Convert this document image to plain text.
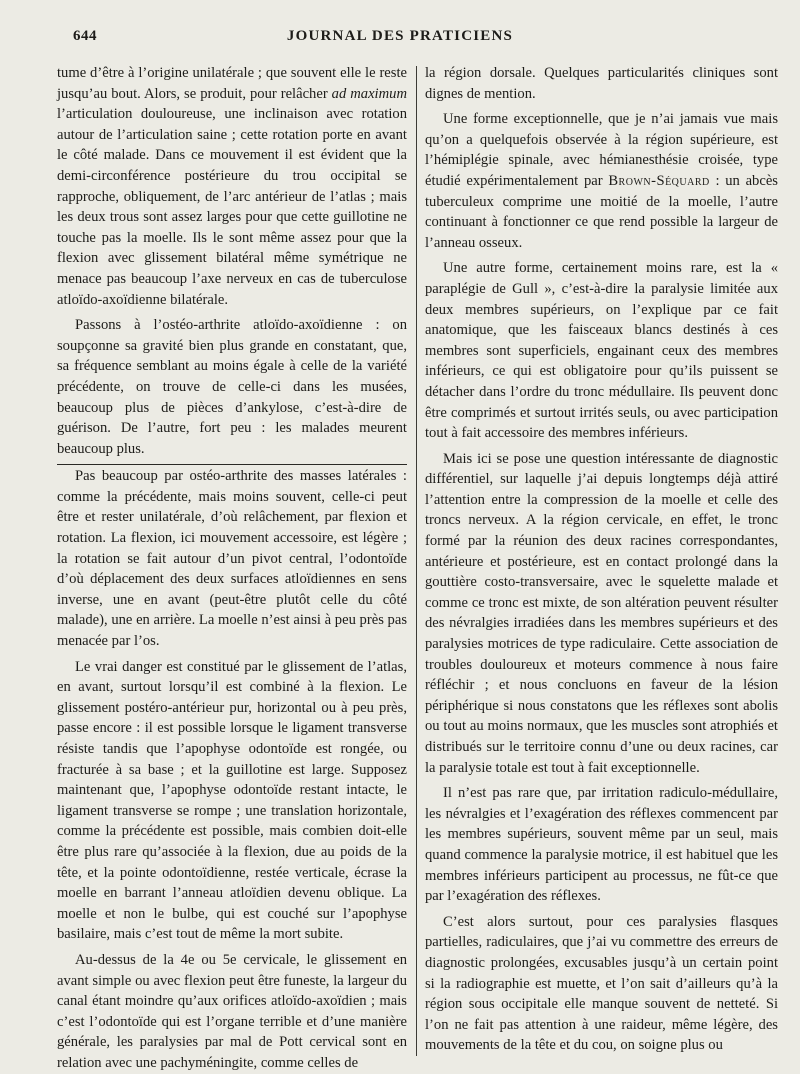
644	JOURNAL DES PRATICIENS

tume d’être à l’origine unilatérale ; que souvent elle le reste jusqu’au bout. Alors, se produit, pour relâcher ad maximum l’articulation douloureuse, une inclinaison avec rotation autour de l’articulation saine ; cette rotation porte en avant le côté malade. Dans ce mouvement il est évident que la demi-circonférence postérieure du trou occipital se rapproche, obliquement, de l’arc antérieur de l’atlas ; mais les deux trous sont assez larges pour que cette guillotine ne touche pas la moelle. Ils le sont même assez pour que la flexion avec glissement bilatéral même symétrique ne menace pas beaucoup l’axe nerveux en cas de tuberculose atloïdo-axoïdienne bilatérale.

Passons à l’ostéo-arthrite atloïdo-axoïdienne : on soupçonne sa gravité bien plus grande en constatant, que, sa fréquence semblant au moins égale à celle de la variété précédente, on trouve de celle-ci dans les musées, beaucoup plus de pièces d’ankylose, c’est-à-dire de guérison. De l’autre, fort peu : les malades meurent beaucoup plus.

Pas beaucoup par ostéo-arthrite des masses latérales : comme la précédente, mais moins souvent, celle-ci peut être et rester unilatérale, d’où relâchement, par flexion et rotation. La flexion, ici mouvement accessoire, est légère ; la rotation se fait autour d’un pivot central, l’odontoïde d’où déplacement des deux surfaces atloïdiennes en sens inverse, une en avant (peut-être plutôt celle du côté malade), une en arrière. La moelle n’est ainsi à peu près pas menacée par l’os.

Le vrai danger est constitué par le glissement de l’atlas, en avant, surtout lorsqu’il est combiné à la flexion. Le glissement postéro-antérieur pur, horizontal ou à peu près, passe encore : il est possible lorsque le ligament transverse résiste tandis que l’apophyse odontoïde est rongée, ou fracturée à sa base ; et la guillotine est large. Supposez maintenant que, l’apophyse odontoïde restant intacte, le ligament transverse se rompe ; une translation horizontale, comme la précédente est possible, mais combien doit-elle être plus rare qu’associée à la flexion, due au poids de la tête, et la pointe odontoïdienne, restée verticale, écrase la moelle en barrant l’anneau atloïdien devenu oblique. La moelle et non le bulbe, qui est couché sur l’apophyse basilaire, mais c’est tout de même la mort subite.

Au-dessus de la 4e ou 5e cervicale, le glissement en avant simple ou avec flexion peut être funeste, la largeur du canal étant moindre qu’aux orifices atloïdo-axoïdien ; mais c’est l’odontoïde qui est l’organe terrible et d’une manière générale, les paralysies par mal de Pott cervical sont en relation avec une pachyméningite, comme celles de

la région dorsale. Quelques particularités cliniques sont dignes de mention.

Une forme exceptionnelle, que je n’ai jamais vue mais qu’on a quelquefois observée à la région supérieure, est l’hémiplégie spinale, avec hémianesthésie croisée, type étudié expérimentalement par Brown-Séquard : un abcès tuberculeux comprime une moitié de la moelle, l’autre continuant à fonctionner ce que rend possible la largeur de l’anneau osseux.

Une autre forme, certainement moins rare, est la « paraplégie de Gull », c’est-à-dire la paralysie limitée aux deux membres supérieurs, on l’explique par ce fait anatomique, que les faisceaux blancs destinés à ces membres sont superficiels, engainant ceux des membres inférieurs, ce qui est obligatoire pour qu’ils puissent se détacher dans l’ordre du tronc médullaire. Ils peuvent donc être comprimés et surtout irrités seuls, ou avec participation tout à fait accessoire des membres inférieurs.

Mais ici se pose une question intéressante de diagnostic différentiel, sur laquelle j’ai depuis longtemps déjà attiré l’attention entre la compression de la moelle et celle des troncs nerveux. A la région cervicale, en effet, le tronc formé par la réunion des deux racines correspondantes, antérieure et postérieure, est en contact prolongé dans la gouttière costo-transversaire, avec le squelette malade et comme ce tronc est mixte, de son altération peuvent résulter des névralgies irradiées dans les membres supérieurs et des paralysies motrices de type radiculaire. Cette association de troubles douloureux et moteurs commence à nous faire réfléchir ; et nous concluons en faveur de la lésion périphérique si nous constatons que les réflexes sont abolis ou tout au moins normaux, que les muscles sont atrophiés et distribués sur le territoire connu d’une ou deux racines, car la paralysie totale est tout à fait exceptionnelle.

Il n’est pas rare que, par irritation radiculo-médullaire, les névralgies et l’exagération des réflexes commencent par les membres supérieurs, souvent même par un seul, mais quand commence la paralysie motrice, il est habituel que les membres inférieurs participent au processus, ne fût-ce que par l’exagération des réflexes.

C’est alors surtout, pour ces paralysies flasques partielles, radiculaires, que j’ai vu commettre des erreurs de diagnostic prolongées, excusables jusqu’à un certain point si la radiographie est muette, et l’on sait d’ailleurs qu’à la région sous occipitale elle manque souvent de netteté. Si l’on ne fait pas attention à une raideur, même légère, des mouvements de la tête et du cou, on soigne plus ou
